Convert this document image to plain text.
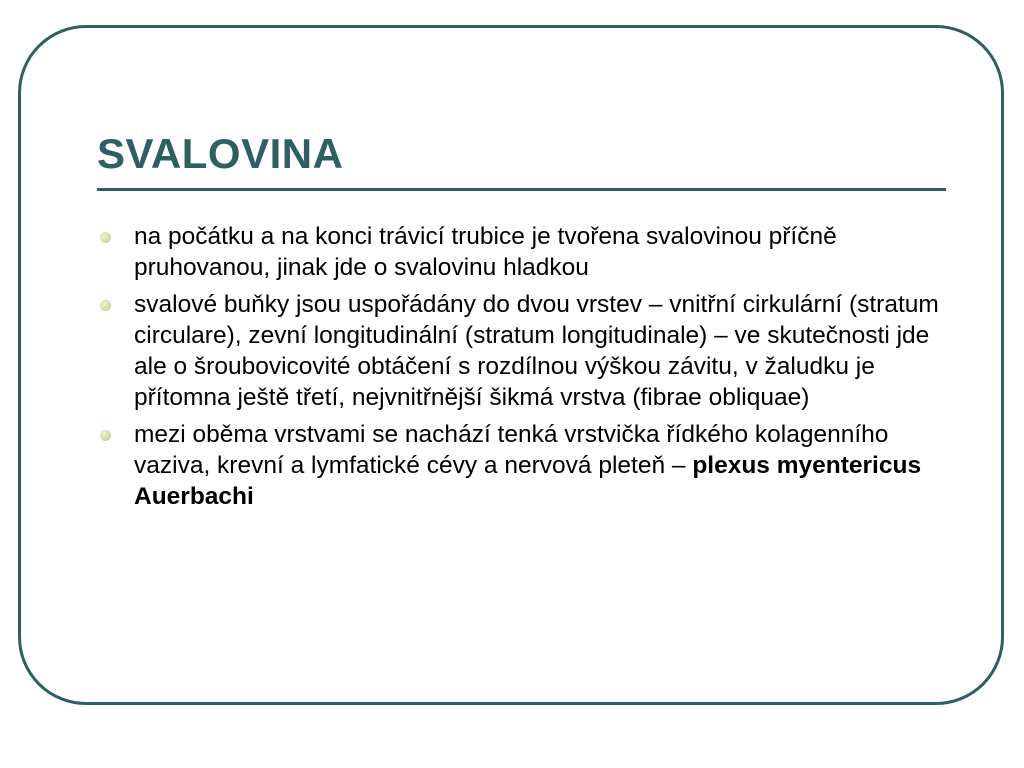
SVALOVINA
na počátku a na konci trávicí trubice je tvořena svalovinou příčně pruhovanou, jinak jde o svalovinu hladkou
svalové buňky jsou uspořádány do dvou vrstev – vnitřní cirkulární (stratum circulare), zevní longitudinální (stratum longitudinale) – ve skutečnosti jde ale o šroubovicovité obtáčení s rozdílnou výškou závitu, v žaludku je přítomna ještě třetí, nejvnitřnější šikmá vrstva (fibrae obliquae)
mezi oběma vrstvami se nachází tenká vrstvička řídkého kolagenního vaziva, krevní a lymfatické cévy a nervová pleteň – plexus myentericus Auerbachi
